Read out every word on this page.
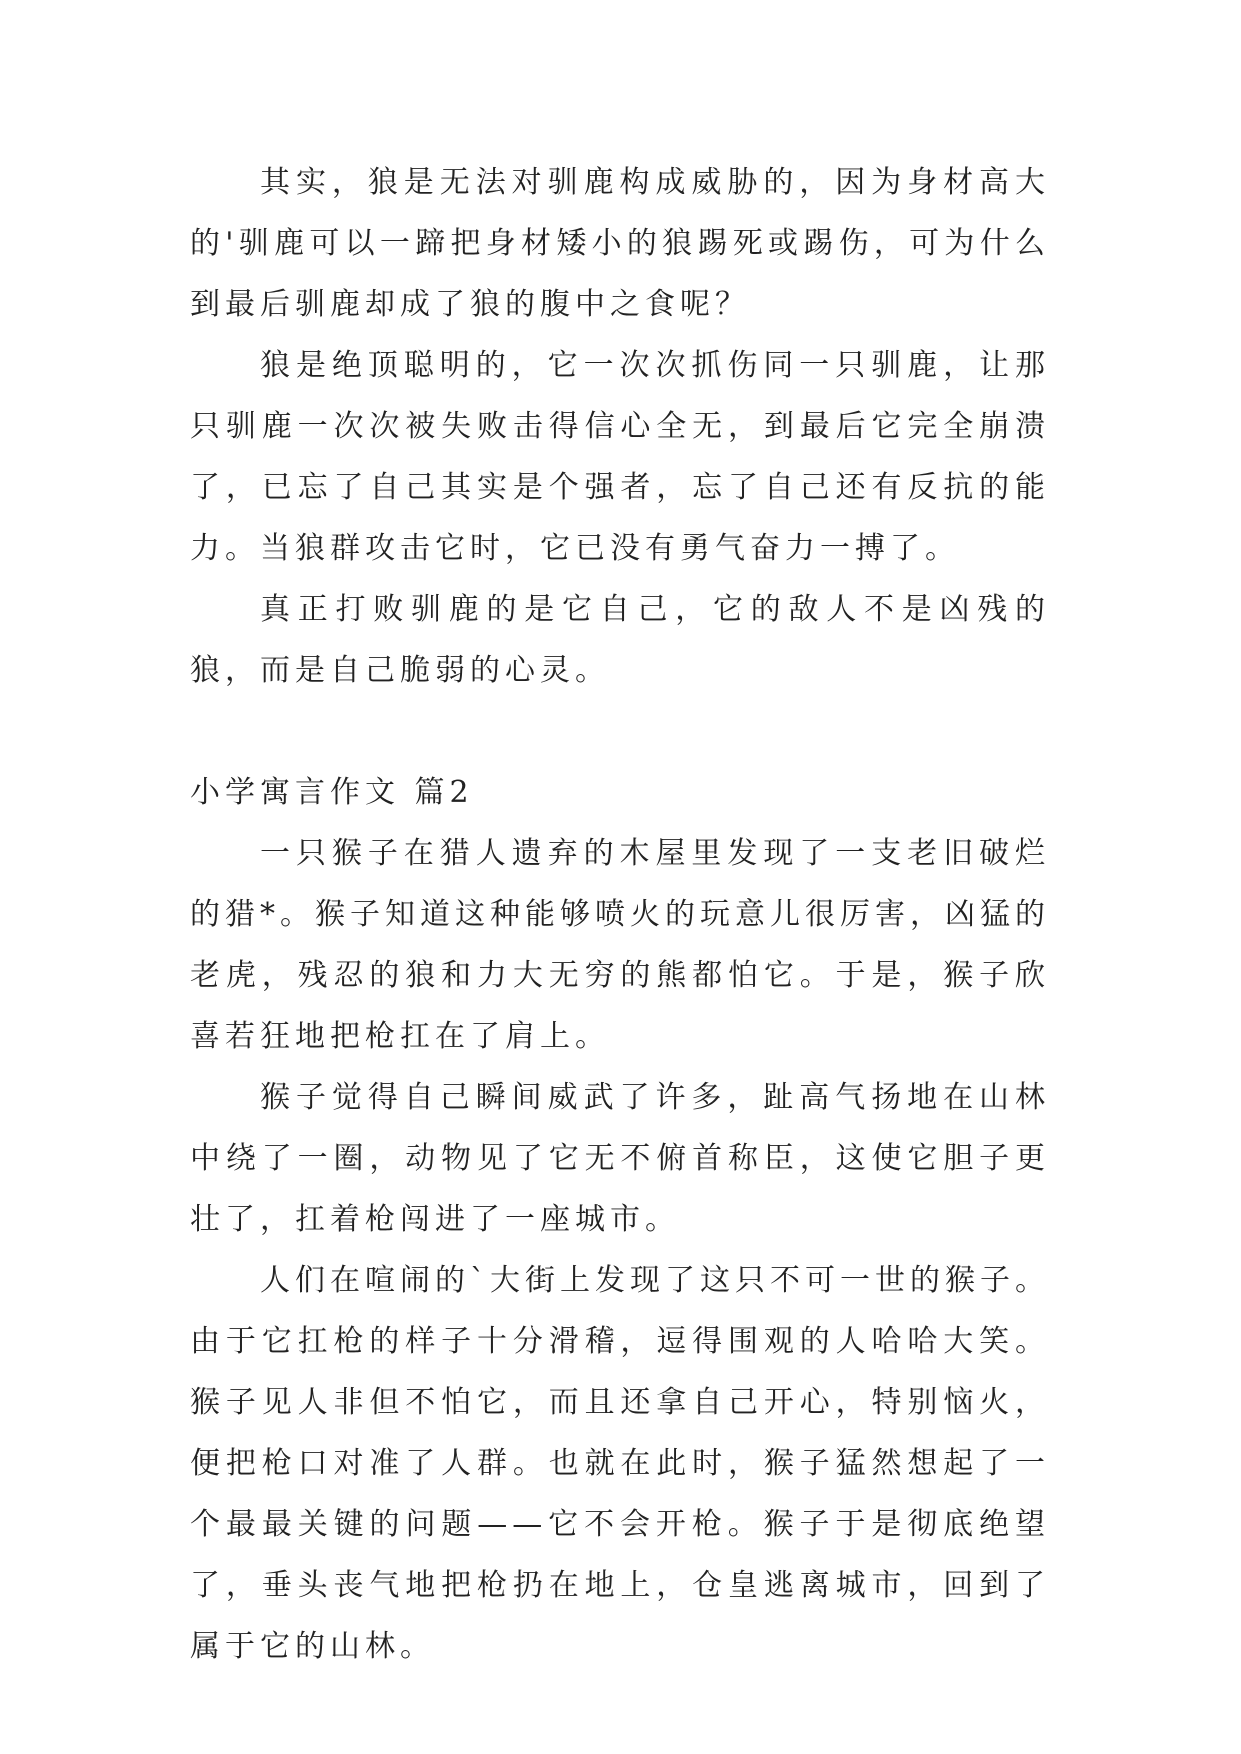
其实，狼是无法对驯鹿构成威胁的，因为身材高大的'驯鹿可以一蹄把身材矮小的狼踢死或踢伤，可为什么到最后驯鹿却成了狼的腹中之食呢？

狼是绝顶聪明的，它一次次抓伤同一只驯鹿，让那只驯鹿一次次被失败击得信心全无，到最后它完全崩溃了，已忘了自己其实是个强者，忘了自己还有反抗的能力。当狼群攻击它时，它已没有勇气奋力一搏了。

真正打败驯鹿的是它自己，它的敌人不是凶残的狼，而是自己脆弱的心灵。

小学寓言作文 篇2

一只猴子在猎人遗弃的木屋里发现了一支老旧破烂的猎*。猴子知道这种能够喷火的玩意儿很厉害，凶猛的老虎，残忍的狼和力大无穷的熊都怕它。于是，猴子欣喜若狂地把枪扛在了肩上。

猴子觉得自己瞬间威武了许多，趾高气扬地在山林中绕了一圈，动物见了它无不俯首称臣，这使它胆子更壮了，扛着枪闯进了一座城市。

人们在喧闹的`大街上发现了这只不可一世的猴子。由于它扛枪的样子十分滑稽，逗得围观的人哈哈大笑。猴子见人非但不怕它，而且还拿自己开心，特别恼火，便把枪口对准了人群。也就在此时，猴子猛然想起了一个最最关键的问题——它不会开枪。猴子于是彻底绝望了，垂头丧气地把枪扔在地上，仓皇逃离城市，回到了属于它的山林。
